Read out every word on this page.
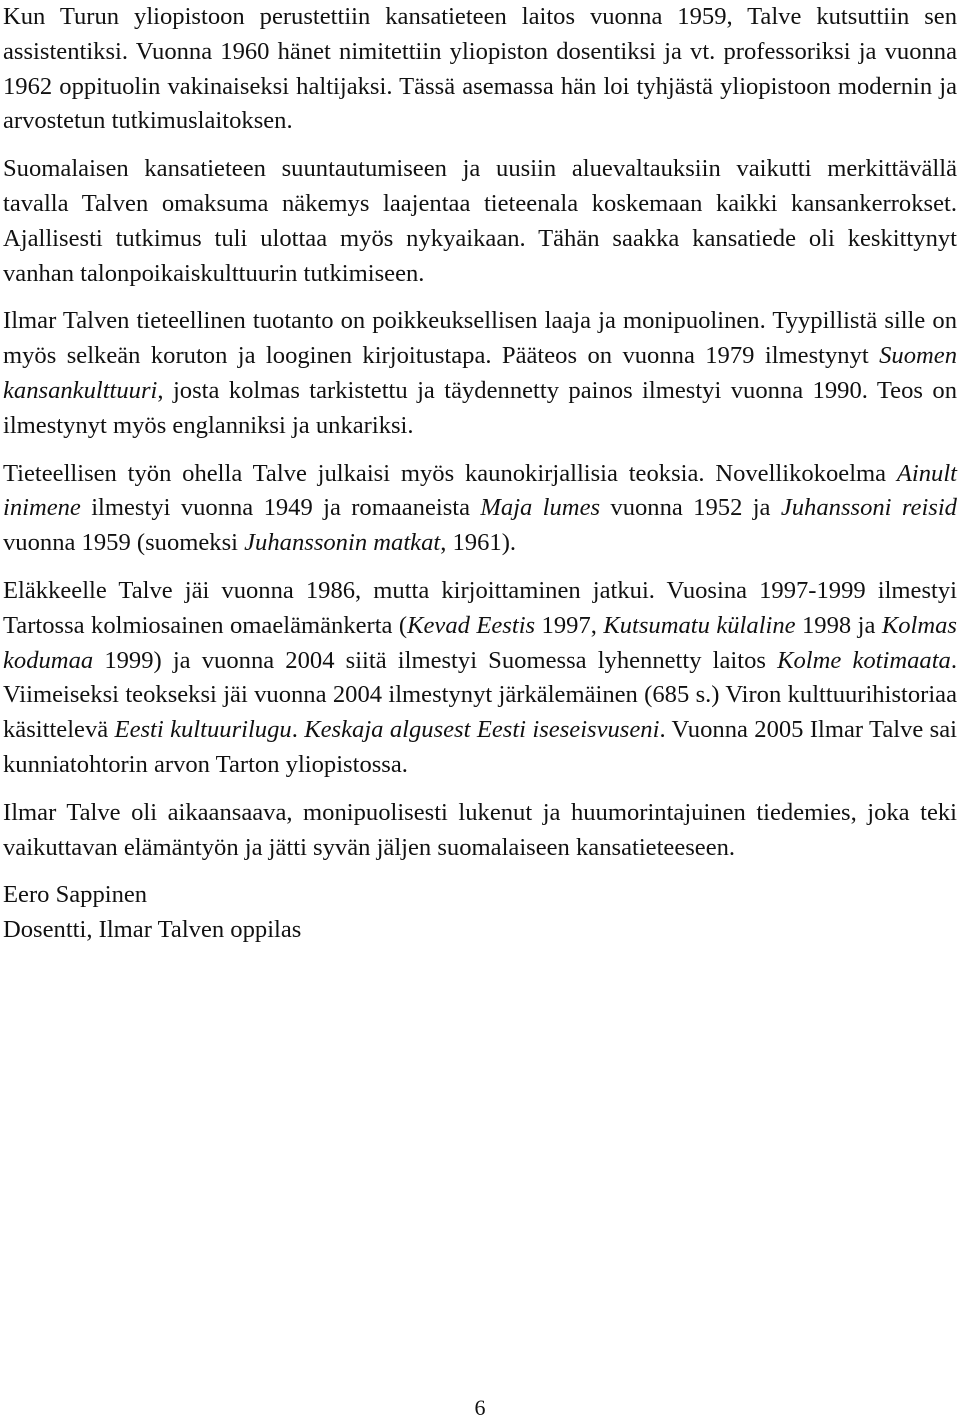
Kun Turun yliopistoon perustettiin kansatieteen laitos vuonna 1959, Talve kutsuttiin sen assistentiksi. Vuonna 1960 hänet nimitettiin yliopiston dosentiksi ja vt. professoriksi ja vuonna 1962 oppituolin vakinaiseksi haltijaksi. Tässä asemassa hän loi tyhjästä yliopistoon modernin ja arvostetun tutkimuslaitoksen.

Suomalaisen kansatieteen suuntautumiseen ja uusiin aluevaltauksiin vaikutti merkittävällä tavalla Talven omaksuma näkemys laajentaa tieteenala koskemaan kaikki kansankerrokset. Ajallisesti tutkimus tuli ulottaa myös nykyaikaan. Tähän saakka kansatiede oli keskittynyt vanhan talonpoikaiskulttuurin tutkimiseen.

Ilmar Talven tieteellinen tuotanto on poikkeuksellisen laaja ja monipuolinen. Tyypillistä sille on myös selkeän koruton ja looginen kirjoitustapa. Pääteos on vuonna 1979 ilmestynyt Suomen kansankulttuuri, josta kolmas tarkistettu ja täydennetty painos ilmestyi vuonna 1990. Teos on ilmestynyt myös englanniksi ja unkariksi.

Tieteellisen työn ohella Talve julkaisi myös kaunokirjallisia teoksia. Novellikokoelma Ainult inimene ilmestyi vuonna 1949 ja romaaneista Maja lumes vuonna 1952 ja Juhanssoni reisid vuonna 1959 (suomeksi Juhanssonin matkat, 1961).

Eläkkeelle Talve jäi vuonna 1986, mutta kirjoittaminen jatkui. Vuosina 1997-1999 ilmestyi Tartossa kolmiosainen omaelämänkerta (Kevad Eestis 1997, Kutsumatu külaline 1998 ja Kolmas kodumaa 1999) ja vuonna 2004 siitä ilmestyi Suomessa lyhennetty laitos Kolme kotimaata. Viimeiseksi teokseksi jäi vuonna 2004 ilmestynyt järkälemäinen (685 s.) Viron kulttuurihistoriaa käsittelevä Eesti kultuurilugu. Keskaja algusest Eesti iseseisvuseni. Vuonna 2005 Ilmar Talve sai kunniatohtorin arvon Tarton yliopistossa.

Ilmar Talve oli aikaansaava, monipuolisesti lukenut ja huumorintajuinen tiedemies, joka teki vaikuttavan elämäntyön ja jätti syvän jäljen suomalaiseen kansatieteeseen.

Eero Sappinen
Dosentti, Ilmar Talven oppilas
6
